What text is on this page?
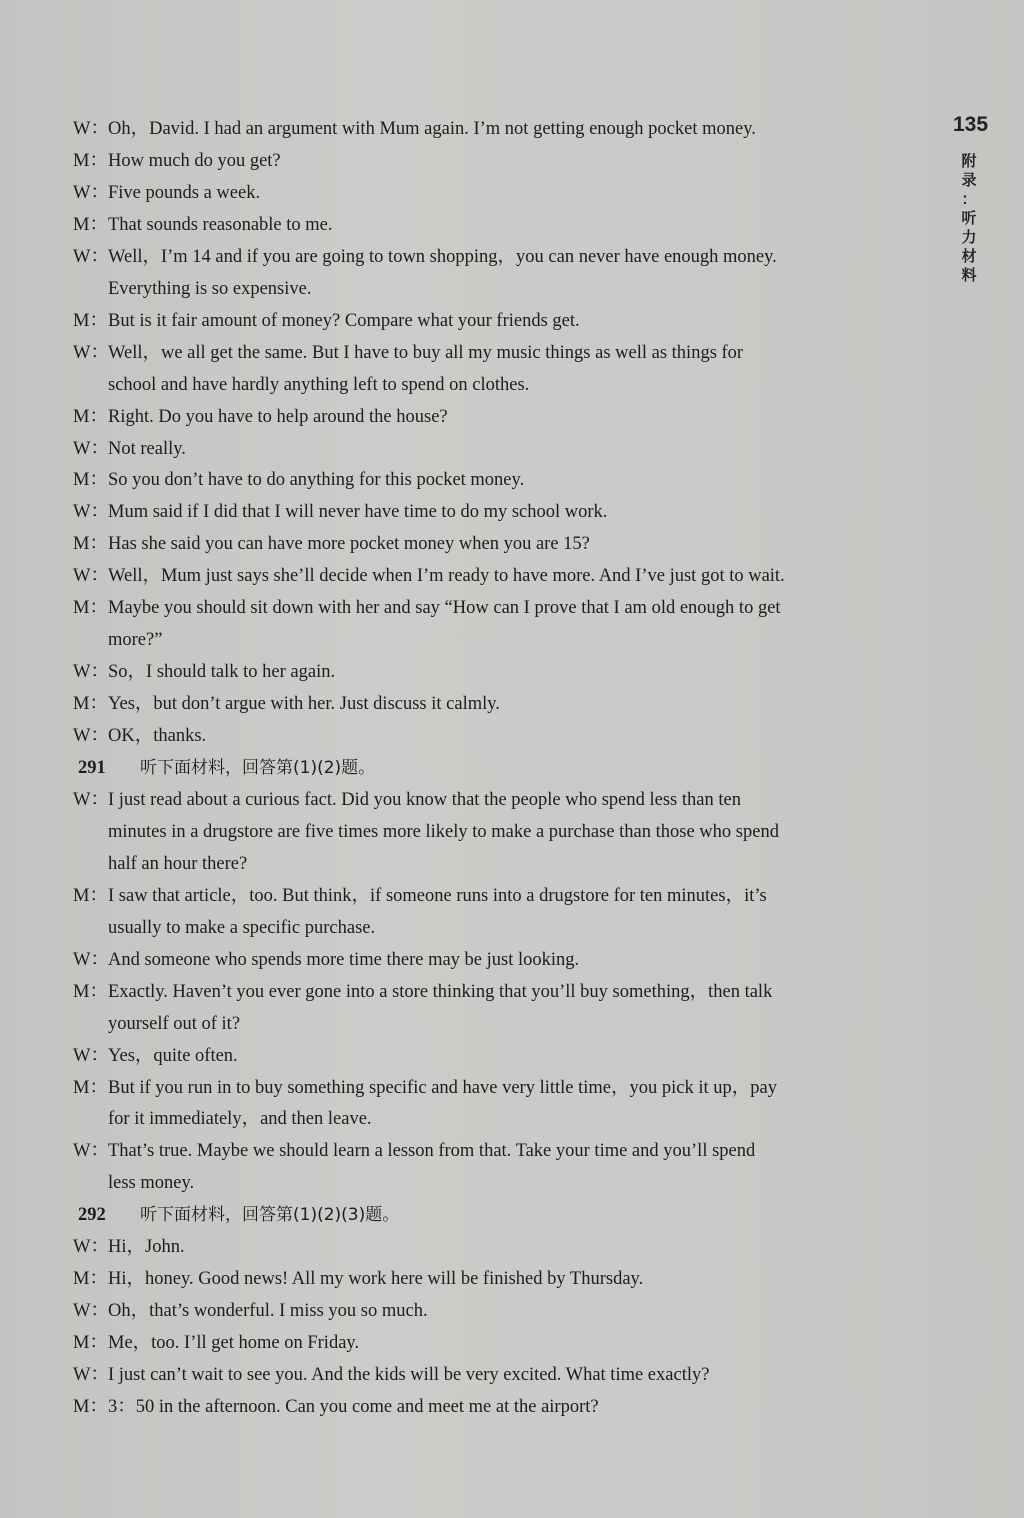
135
附
录
：
听
力
材
料
W：Oh，David. I had an argument with Mum again. I’m not getting enough pocket money.
M：How much do you get?
W：Five pounds a week.
M：That sounds reasonable to me.
W：Well，I’m 14 and if you are going to town shopping，you can never have enough money.
Everything is so expensive.
M：But is it fair amount of money? Compare what your friends get.
W：Well，we all get the same. But I have to buy all my music things as well as things for
school and have hardly anything left to spend on clothes.
M：Right. Do you have to help around the house?
W：Not really.
M：So you don’t have to do anything for this pocket money.
W：Mum said if I did that I will never have time to do my school work.
M：Has she said you can have more pocket money when you are 15?
W：Well，Mum just says she’ll decide when I’m ready to have more. And I’ve just got to wait.
M：Maybe you should sit down with her and say “How can I prove that I am old enough to get
more?”
W：So，I should talk to her again.
M：Yes，but don’t argue with her. Just discuss it calmly.
W：OK，thanks.
291 听下面材料，回答第(1)(2)题。
W：I just read about a curious fact. Did you know that the people who spend less than ten
minutes in a drugstore are five times more likely to make a purchase than those who spend
half an hour there?
M：I saw that article，too. But think，if someone runs into a drugstore for ten minutes，it’s
usually to make a specific purchase.
W：And someone who spends more time there may be just looking.
M：Exactly. Haven’t you ever gone into a store thinking that you’ll buy something，then talk
yourself out of it?
W：Yes，quite often.
M：But if you run in to buy something specific and have very little time，you pick it up，pay
for it immediately，and then leave.
W：That’s true. Maybe we should learn a lesson from that. Take your time and you’ll spend
less money.
292 听下面材料，回答第(1)(2)(3)题。
W：Hi，John.
M：Hi，honey. Good news! All my work here will be finished by Thursday.
W：Oh，that’s wonderful. I miss you so much.
M：Me，too. I’ll get home on Friday.
W：I just can’t wait to see you. And the kids will be very excited. What time exactly?
M：3：50 in the afternoon. Can you come and meet me at the airport?
